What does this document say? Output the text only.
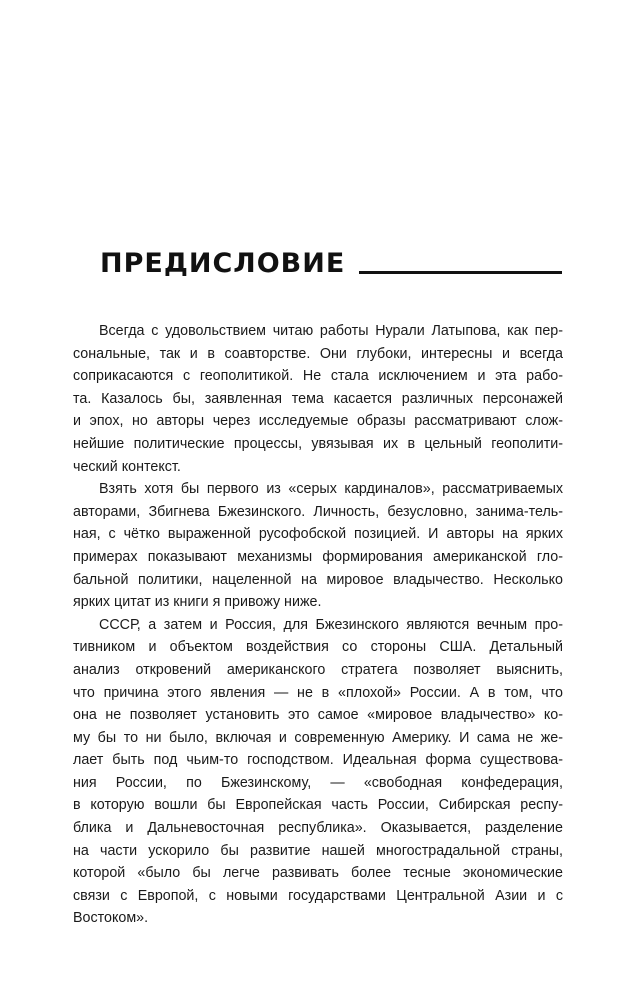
ПРЕДИСЛОВИЕ
Всегда с удовольствием читаю работы Нурали Латыпова, как пер-
сональные, так и в соавторстве. Они глубоки, интересны и всегда
соприкасаются с геополитикой. Не стала исключением и эта рабо-
та. Казалось бы, заявленная тема касается различных персонажей
и эпох, но авторы через исследуемые образы рассматривают слож-
нейшие политические процессы, увязывая их в цельный геополити-
ческий контекст.
Взять хотя бы первого из «серых кардиналов», рассматриваемых
авторами, Збигнева Бжезинского. Личность, безусловно, занима-тель-
ная, с чётко выраженной русофобской позицией. И авторы на ярких
примерах показывают механизмы формирования американской гло-
бальной политики, нацеленной на мировое владычество. Несколько
ярких цитат из книги я привожу ниже.
СССР, а затем и Россия, для Бжезинского являются вечным про-
тивником и объектом воздействия со стороны США. Детальный
анализ откровений американского стратега позволяет выяснить,
что причина этого явления — не в «плохой» России. А в том, что
она не позволяет установить это самое «мировое владычество» ко-
му бы то ни было, включая и современную Америку. И сама не же-
лает быть под чьим-то господством. Идеальная форма существова-
ния России, по Бжезинскому, — «свободная конфедерация,
в которую вошли бы Европейская часть России, Сибирская респу-
блика и Дальневосточная республика». Оказывается, разделение
на части ускорило бы развитие нашей многострадальной страны,
которой «было бы легче развивать более тесные экономические
связи с Европой, с новыми государствами Центральной Азии и с
Востоком».
